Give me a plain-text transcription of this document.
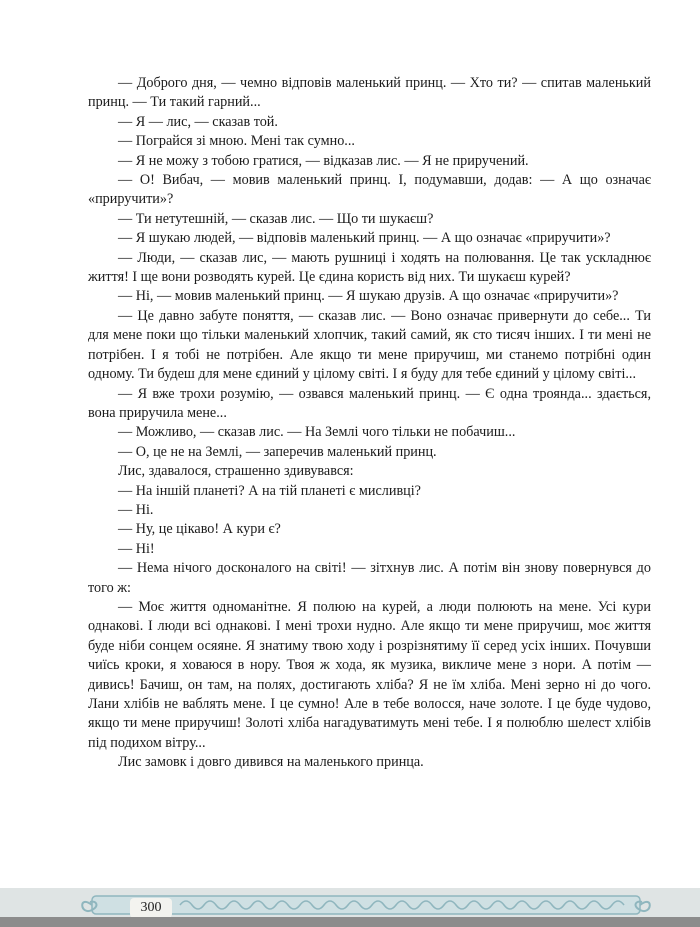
— Доброго дня, — чемно відповів маленький принц. — Хто ти? — спитав маленький принц. — Ти такий гарний...

— Я — лис, — сказав той.

— Пограйся зі мною. Мені так сумно...

— Я не можу з тобою гратися, — відказав лис. — Я не приручений.

— О! Вибач, — мовив маленький принц. І, подумавши, додав: — А що означає «приручити»?

— Ти нетутешній, — сказав лис. — Що ти шукаєш?

— Я шукаю людей, — відповів маленький принц. — А що означає «приручити»?

— Люди, — сказав лис, — мають рушниці і ходять на полювання. Це так ускладнює життя! І ще вони розводять курей. Це єдина користь від них. Ти шукаєш курей?

— Ні, — мовив маленький принц. — Я шукаю друзів. А що означає «приручити»?

— Це давно забуте поняття, — сказав лис. — Воно означає привернути до себе... Ти для мене поки що тільки маленький хлопчик, такий самий, як сто тисяч інших. І ти мені не потрібен. І я тобі не потрібен. Але якщо ти мене приручиш, ми станемо потрібні один одному. Ти будеш для мене єдиний у цілому світі. І я буду для тебе єдиний у цілому світі...

— Я вже трохи розумію, — озвався маленький принц. — Є одна троянда... здається, вона приручила мене...

— Можливо, — сказав лис. — На Землі чого тільки не побачиш...

— О, це не на Землі, — заперечив маленький принц.

Лис, здавалося, страшенно здивувався:

— На іншій планеті? А на тій планеті є мисливці?

— Ні.

— Ну, це цікаво! А кури є?

— Ні!

— Нема нічого досконалого на світі! — зітхнув лис. А потім він знову повернувся до того ж:

— Моє життя одноманітне. Я полюю на курей, а люди полюють на мене. Усі кури однакові. І люди всі однакові. І мені трохи нудно. Але якщо ти мене приручиш, моє життя буде ніби сонцем осяяне. Я знатиму твою ходу і розрізнятиму її серед усіх інших. Почувши чиїсь кроки, я ховаюся в нору. Твоя ж хода, як музика, викличе мене з нори. А потім — дивись! Бачиш, он там, на полях, достигають хліба? Я не їм хліба. Мені зерно ні до чого. Лани хлібів не ваблять мене. І це сумно! Але в тебе волосся, наче золоте. І це буде чудово, якщо ти мене приручиш! Золоті хліба нагадуватимуть мені тебе. І я полюблю шелест хлібів під подихом вітру...

Лис замовк і довго дивився на маленького принца.

300
